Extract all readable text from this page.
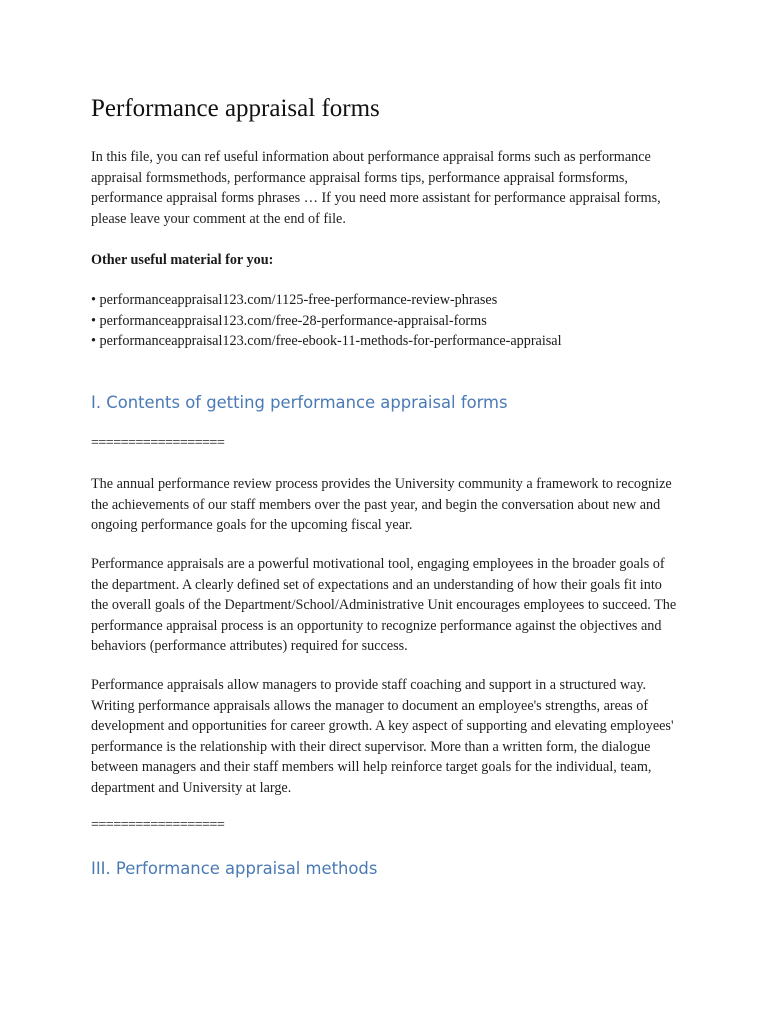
Performance appraisal forms

In this file, you can ref useful information about performance appraisal forms such as performance appraisal formsmethods, performance appraisal forms tips, performance appraisal formsforms, performance appraisal forms phrases … If you need more assistant for performance appraisal forms, please leave your comment at the end of file.

Other useful material for you:

• performanceappraisal123.com/1125-free-performance-review-phrases
• performanceappraisal123.com/free-28-performance-appraisal-forms
• performanceappraisal123.com/free-ebook-11-methods-for-performance-appraisal
I. Contents of getting performance appraisal forms

==================

The annual performance review process provides the University community a framework to recognize the achievements of our staff members over the past year, and begin the conversation about new and ongoing performance goals for the upcoming fiscal year.

Performance appraisals are a powerful motivational tool, engaging employees in the broader goals of the department. A clearly defined set of expectations and an understanding of how their goals fit into the overall goals of the Department/School/Administrative Unit encourages employees to succeed. The performance appraisal process is an opportunity to recognize performance against the objectives and behaviors (performance attributes) required for success.

Performance appraisals allow managers to provide staff coaching and support in a structured way. Writing performance appraisals allows the manager to document an employee's strengths, areas of development and opportunities for career growth. A key aspect of supporting and elevating employees' performance is the relationship with their direct supervisor. More than a written form, the dialogue between managers and their staff members will help reinforce target goals for the individual, team, department and University at large.

==================

III. Performance appraisal methods
